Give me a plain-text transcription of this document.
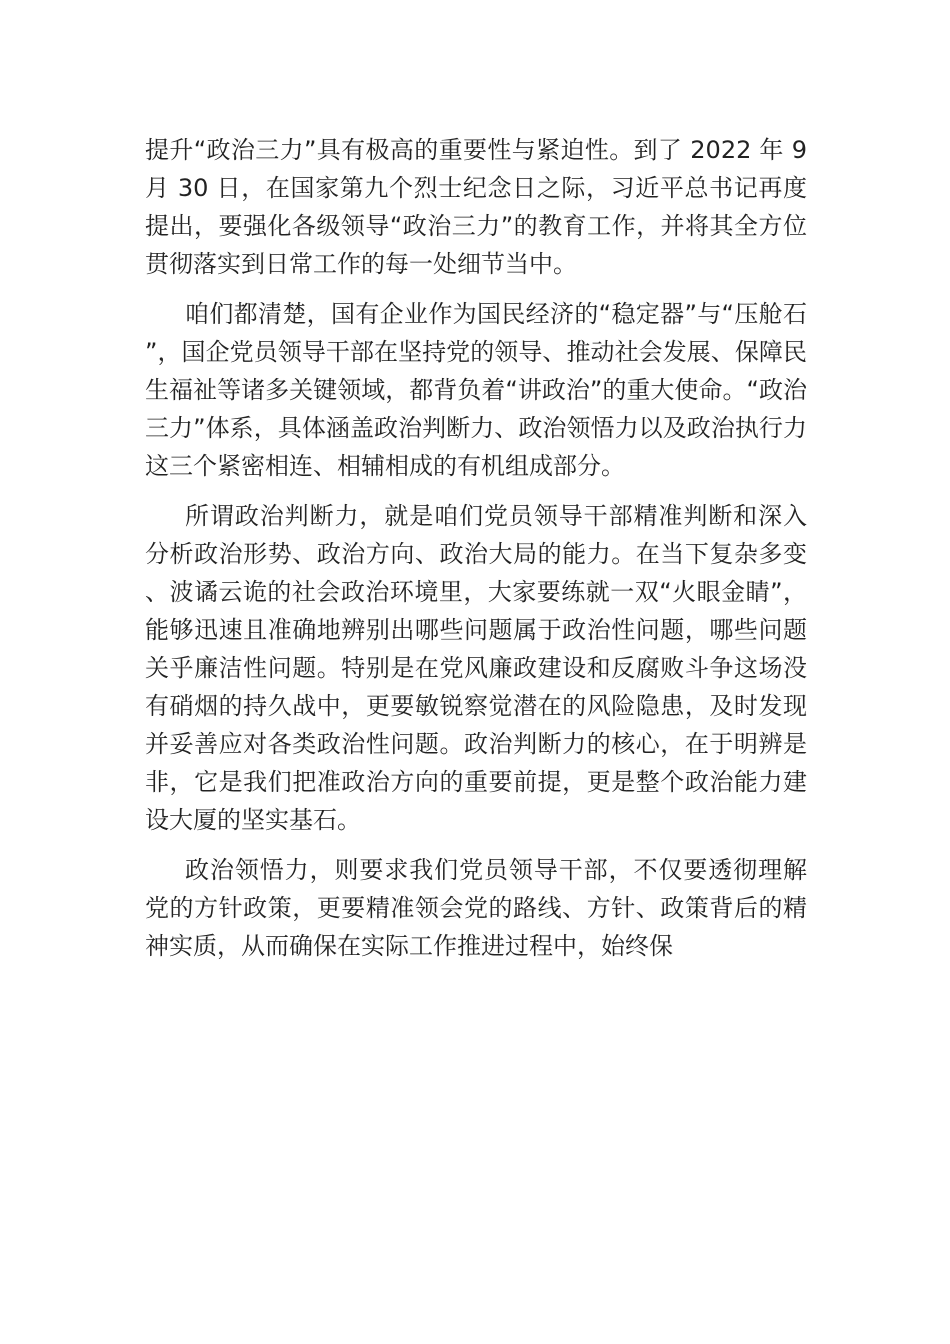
提升“政治三力”具有极高的重要性与紧迫性。到了 2022 年 9 月 30 日，在国家第九个烈士纪念日之际，习近平总书记再度提出，要强化各级领导“政治三力”的教育工作，并将其全方位贯彻落实到日常工作的每一处细节当中。

咱们都清楚，国有企业作为国民经济的“稳定器”与“压舱石”，国企党员领导干部在坚持党的领导、推动社会发展、保障民生福祉等诸多关键领域，都背负着“讲政治”的重大使命。“政治三力”体系，具体涵盖政治判断力、政治领悟力以及政治执行力这三个紧密相连、相辅相成的有机组成部分。

所谓政治判断力，就是咱们党员领导干部精准判断和深入分析政治形势、政治方向、政治大局的能力。在当下复杂多变、波谲云诡的社会政治环境里，大家要练就一双“火眼金睛”，能够迅速且准确地辨别出哪些问题属于政治性问题，哪些问题关乎廉洁性问题。特别是在党风廉政建设和反腐败斗争这场没有硝烟的持久战中，更要敏锐察觉潜在的风险隐患，及时发现并妥善应对各类政治性问题。政治判断力的核心，在于明辨是非，它是我们把准政治方向的重要前提，更是整个政治能力建设大厦的坚实基石。

政治领悟力，则要求我们党员领导干部，不仅要透彻理解党的方针政策，更要精准领会党的路线、方针、政策背后的精神实质，从而确保在实际工作推进过程中，始终保
